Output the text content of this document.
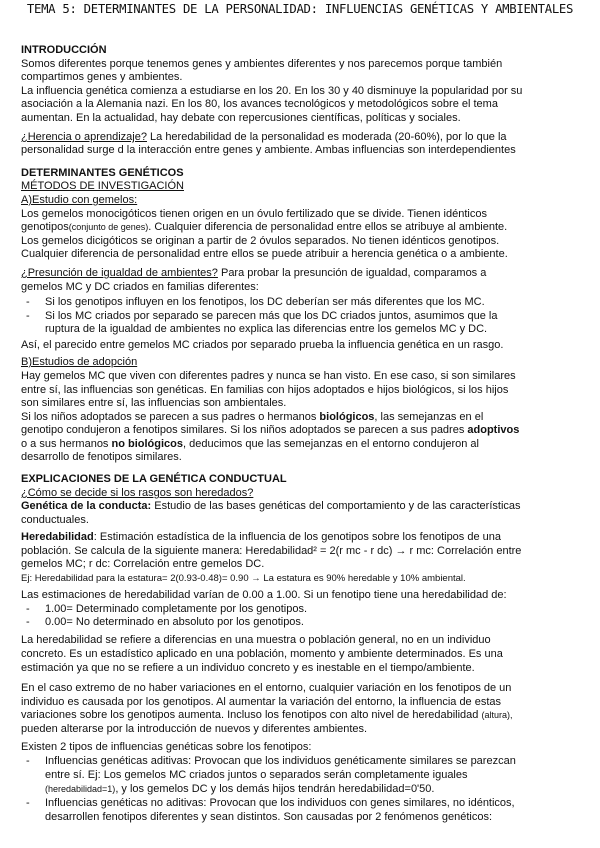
TEMA 5: DETERMINANTES DE LA PERSONALIDAD: INFLUENCIAS GENÉTICAS Y AMBIENTALES
INTRODUCCIÓN
Somos diferentes porque tenemos genes y ambientes diferentes y nos parecemos porque también
compartimos genes y ambientes.
La influencia genética comienza a estudiarse en los 20. En los 30 y 40 disminuye la popularidad por su
asociación a la Alemania nazi. En los 80, los avances tecnológicos y metodológicos sobre el tema
aumentan. En la actualidad, hay debate con repercusiones científicas, políticas y sociales.
¿Herencia o aprendizaje? La heredabilidad de la personalidad es moderada (20-60%), por lo que la
personalidad surge d la interacción entre genes y ambiente. Ambas influencias son interdependientes
DETERMINANTES GENÉTICOS
MÉTODOS DE INVESTIGACIÓN
A)Estudio con gemelos:
Los gemelos monocigóticos tienen origen en un óvulo fertilizado que se divide. Tienen idénticos
genotipos(conjunto de genes). Cualquier diferencia de personalidad entre ellos se atribuye al ambiente.
Los gemelos dicigóticos se originan a partir de 2 óvulos separados. No tienen idénticos genotipos.
Cualquier diferencia de personalidad entre ellos se puede atribuir a herencia genética o a ambiente.
¿Presunción de igualdad de ambientes? Para probar la presunción de igualdad, comparamos a
gemelos MC y DC criados en familias diferentes:
- Si los genotipos influyen en los fenotipos, los DC deberían ser más diferentes que los MC.
- Si los MC criados por separado se parecen más que los DC criados juntos, asumimos que la
ruptura de la igualdad de ambientes no explica las diferencias entre los gemelos MC y DC.
Así, el parecido entre gemelos MC criados por separado prueba la influencia genética en un rasgo.
B)Estudios de adopción
Hay gemelos MC que viven con diferentes padres y nunca se han visto. En ese caso, si son similares
entre sí, las influencias son genéticas. En familias con hijos adoptados e hijos biológicos, si los hijos
son similares entre sí, las influencias son ambientales.
Si los niños adoptados se parecen a sus padres o hermanos biológicos, las semejanzas en el
genotipo condujeron a fenotipos similares. Si los niños adoptados se parecen a sus padres adoptivos
o a sus hermanos no biológicos, deducimos que las semejanzas en el entorno condujeron al
desarrollo de fenotipos similares.
EXPLICACIONES DE LA GENÉTICA CONDUCTUAL
¿Cómo se decide si los rasgos son heredados?
Genética de la conducta: Estudio de las bases genéticas del comportamiento y de las características
conductuales.
Heredabilidad: Estimación estadística de la influencia de los genotipos sobre los fenotipos de una
población. Se calcula de la siguiente manera: Heredabilidad² = 2(r mc - r dc) → r mc: Correlación entre
gemelos MC; r dc: Correlación entre gemelos DC.
Ej: Heredabilidad para la estatura= 2(0.93-0.48)= 0.90 → La estatura es 90% heredable y 10% ambiental.
Las estimaciones de heredabilidad varían de 0.00 a 1.00. Si un fenotipo tiene una heredabilidad de:
- 1.00= Determinado completamente por los genotipos.
- 0.00= No determinado en absoluto por los genotipos.
La heredabilidad se refiere a diferencias en una muestra o población general, no en un individuo
concreto. Es un estadístico aplicado en una población, momento y ambiente determinados. Es una
estimación ya que no se refiere a un individuo concreto y es inestable en el tiempo/ambiente.
En el caso extremo de no haber variaciones en el entorno, cualquier variación en los fenotipos de un
individuo es causada por los genotipos. Al aumentar la variación del entorno, la influencia de estas
variaciones sobre los genotipos aumenta. Incluso los fenotipos con alto nivel de heredabilidad (altura),
pueden alterarse por la introducción de nuevos y diferentes ambientes.
Existen 2 tipos de influencias genéticas sobre los fenotipos:
- Influencias genéticas aditivas: Provocan que los individuos genéticamente similares se parezcan
entre sí. Ej: Los gemelos MC criados juntos o separados serán completamente iguales
(heredabilidad=1), y los gemelos DC y los demás hijos tendrán heredabilidad=0'50.
- Influencias genéticas no aditivas: Provocan que los individuos con genes similares, no idénticos,
desarrollen fenotipos diferentes y sean distintos. Son causadas por 2 fenómenos genéticos:
